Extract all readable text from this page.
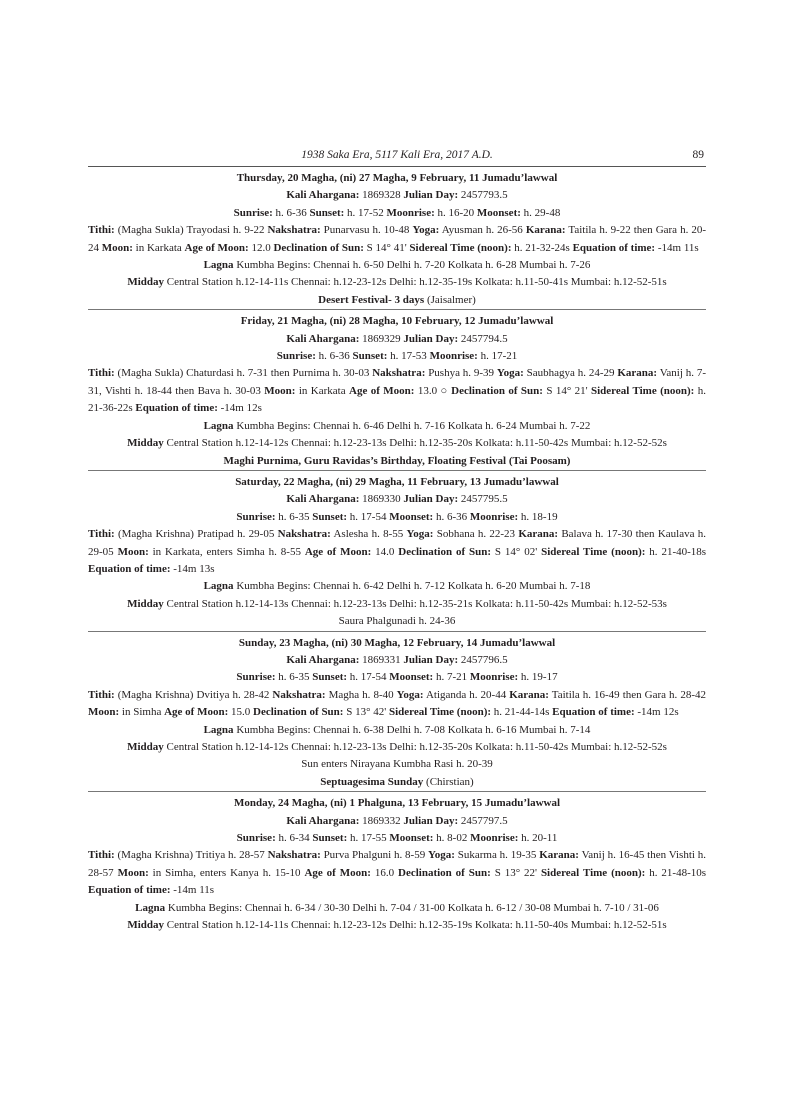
1938 Saka Era, 5117 Kali Era, 2017 A.D.	89
Thursday, 20 Magha, (ni) 27 Magha, 9 February, 11 Jumadu’lawwal
Kali Ahargana: 1869328 Julian Day: 2457793.5
Sunrise: h. 6-36 Sunset: h. 17-52 Moonrise: h. 16-20 Moonset: h. 29-48
Tithi: (Magha Sukla) Trayodasi h. 9-22 Nakshatra: Punarvasu h. 10-48 Yoga: Ayusman h. 26-56 Karana: Taitila h. 9-22 then Gara h. 20-24 Moon: in Karkata Age of Moon: 12.0 Declination of Sun: S 14° 41' Sidereal Time (noon): h. 21-32-24s Equation of time: -14m 11s
Lagna Kumbha Begins: Chennai h. 6-50 Delhi h. 7-20 Kolkata h. 6-28 Mumbai h. 7-26
Midday Central Station h.12-14-11s Chennai: h.12-23-12s Delhi: h.12-35-19s Kolkata: h.11-50-41s Mumbai: h.12-52-51s
Desert Festival- 3 days (Jaisalmer)
Friday, 21 Magha, (ni) 28 Magha, 10 February, 12 Jumadu’lawwal
Kali Ahargana: 1869329 Julian Day: 2457794.5
Sunrise: h. 6-36 Sunset: h. 17-53 Moonrise: h. 17-21
Tithi: (Magha Sukla) Chaturdasi h. 7-31 then Purnima h. 30-03 Nakshatra: Pushya h. 9-39 Yoga: Saubhagya h. 24-29 Karana: Vanij h. 7-31, Vishti h. 18-44 then Bava h. 30-03 Moon: in Karkata Age of Moon: 13.0 ○ Declination of Sun: S 14° 21' Sidereal Time (noon): h. 21-36-22s Equation of time: -14m 12s
Lagna Kumbha Begins: Chennai h. 6-46 Delhi h. 7-16 Kolkata h. 6-24 Mumbai h. 7-22
Midday Central Station h.12-14-12s Chennai: h.12-23-13s Delhi: h.12-35-20s Kolkata: h.11-50-42s Mumbai: h.12-52-52s
Maghi Purnima, Guru Ravidas’s Birthday, Floating Festival (Tai Poosam)
Saturday, 22 Magha, (ni) 29 Magha, 11 February, 13 Jumadu’lawwal
Kali Ahargana: 1869330 Julian Day: 2457795.5
Sunrise: h. 6-35 Sunset: h. 17-54 Moonset: h. 6-36 Moonrise: h. 18-19
Tithi: (Magha Krishna) Pratipad h. 29-05 Nakshatra: Aslesha h. 8-55 Yoga: Sobhana h. 22-23 Karana: Balava h. 17-30 then Kaulava h. 29-05 Moon: in Karkata, enters Simha h. 8-55 Age of Moon: 14.0 Declination of Sun: S 14° 02' Sidereal Time (noon): h. 21-40-18s Equation of time: -14m 13s
Lagna Kumbha Begins: Chennai h. 6-42 Delhi h. 7-12 Kolkata h. 6-20 Mumbai h. 7-18
Midday Central Station h.12-14-13s Chennai: h.12-23-13s Delhi: h.12-35-21s Kolkata: h.11-50-42s Mumbai: h.12-52-53s
Saura Phalgunadi h. 24-36
Sunday, 23 Magha, (ni) 30 Magha, 12 February, 14 Jumadu’lawwal
Kali Ahargana: 1869331 Julian Day: 2457796.5
Sunrise: h. 6-35 Sunset: h. 17-54 Moonset: h. 7-21 Moonrise: h. 19-17
Tithi: (Magha Krishna) Dvitiya h. 28-42 Nakshatra: Magha h. 8-40 Yoga: Atiganda h. 20-44 Karana: Taitila h. 16-49 then Gara h. 28-42 Moon: in Simha Age of Moon: 15.0 Declination of Sun: S 13° 42' Sidereal Time (noon): h. 21-44-14s Equation of time: -14m 12s
Lagna Kumbha Begins: Chennai h. 6-38 Delhi h. 7-08 Kolkata h. 6-16 Mumbai h. 7-14
Midday Central Station h.12-14-12s Chennai: h.12-23-13s Delhi: h.12-35-20s Kolkata: h.11-50-42s Mumbai: h.12-52-52s
Sun enters Nirayana Kumbha Rasi h. 20-39
Septuagesima Sunday (Chirstian)
Monday, 24 Magha, (ni) 1 Phalguna, 13 February, 15 Jumadu’lawwal
Kali Ahargana: 1869332 Julian Day: 2457797.5
Sunrise: h. 6-34 Sunset: h. 17-55 Moonset: h. 8-02 Moonrise: h. 20-11
Tithi: (Magha Krishna) Tritiya h. 28-57 Nakshatra: Purva Phalguni h. 8-59 Yoga: Sukarma h. 19-35 Karana: Vanij h. 16-45 then Vishti h. 28-57 Moon: in Simha, enters Kanya h. 15-10 Age of Moon: 16.0 Declination of Sun: S 13° 22' Sidereal Time (noon): h. 21-48-10s Equation of time: -14m 11s
Lagna Kumbha Begins: Chennai h. 6-34 / 30-30 Delhi h. 7-04 / 31-00 Kolkata h. 6-12 / 30-08 Mumbai h. 7-10 / 31-06
Midday Central Station h.12-14-11s Chennai: h.12-23-12s Delhi: h.12-35-19s Kolkata: h.11-50-40s Mumbai: h.12-52-51s
